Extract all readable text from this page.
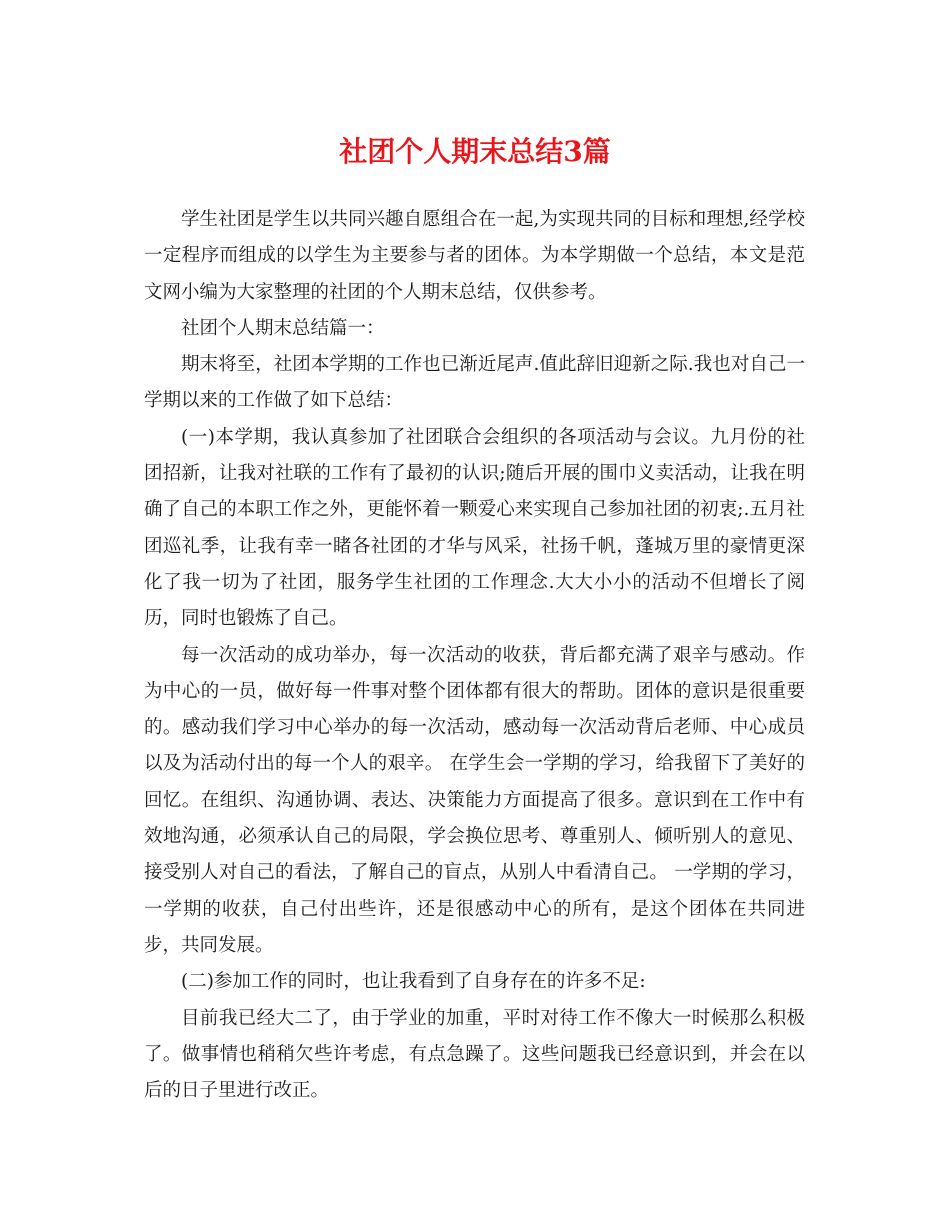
社团个人期末总结3篇

学生社团是学生以共同兴趣自愿组合在一起,为实现共同的目标和理想,经学校一定程序而组成的以学生为主要参与者的团体。为本学期做一个总结，本文是范文网小编为大家整理的社团的个人期末总结，仅供参考。

社团个人期末总结篇一：

期末将至，社团本学期的工作也已渐近尾声.值此辞旧迎新之际.我也对自己一学期以来的工作做了如下总结：

(一)本学期，我认真参加了社团联合会组织的各项活动与会议。九月份的社团招新，让我对社联的工作有了最初的认识;随后开展的围巾义卖活动，让我在明确了自己的本职工作之外，更能怀着一颗爱心来实现自己参加社团的初衷;.五月社团巡礼季，让我有幸一睹各社团的才华与风采，社扬千帆，蓬城万里的豪情更深化了我一切为了社团，服务学生社团的工作理念.大大小小的活动不但增长了阅历，同时也锻炼了自己。

每一次活动的成功举办，每一次活动的收获，背后都充满了艰辛与感动。作为中心的一员，做好每一件事对整个团体都有很大的帮助。团体的意识是很重要的。感动我们学习中心举办的每一次活动，感动每一次活动背后老师、中心成员以及为活动付出的每一个人的艰辛。 在学生会一学期的学习，给我留下了美好的回忆。在组织、沟通协调、表达、决策能力方面提高了很多。意识到在工作中有效地沟通，必须承认自己的局限，学会换位思考、尊重别人、倾听别人的意见、接受别人对自己的看法，了解自己的盲点，从别人中看清自己。 一学期的学习，一学期的收获，自己付出些许，还是很感动中心的所有，是这个团体在共同进步，共同发展。

(二)参加工作的同时，也让我看到了自身存在的许多不足:

目前我已经大二了，由于学业的加重，平时对待工作不像大一时候那么积极了。做事情也稍稍欠些许考虑，有点急躁了。这些问题我已经意识到，并会在以后的日子里进行改正。
